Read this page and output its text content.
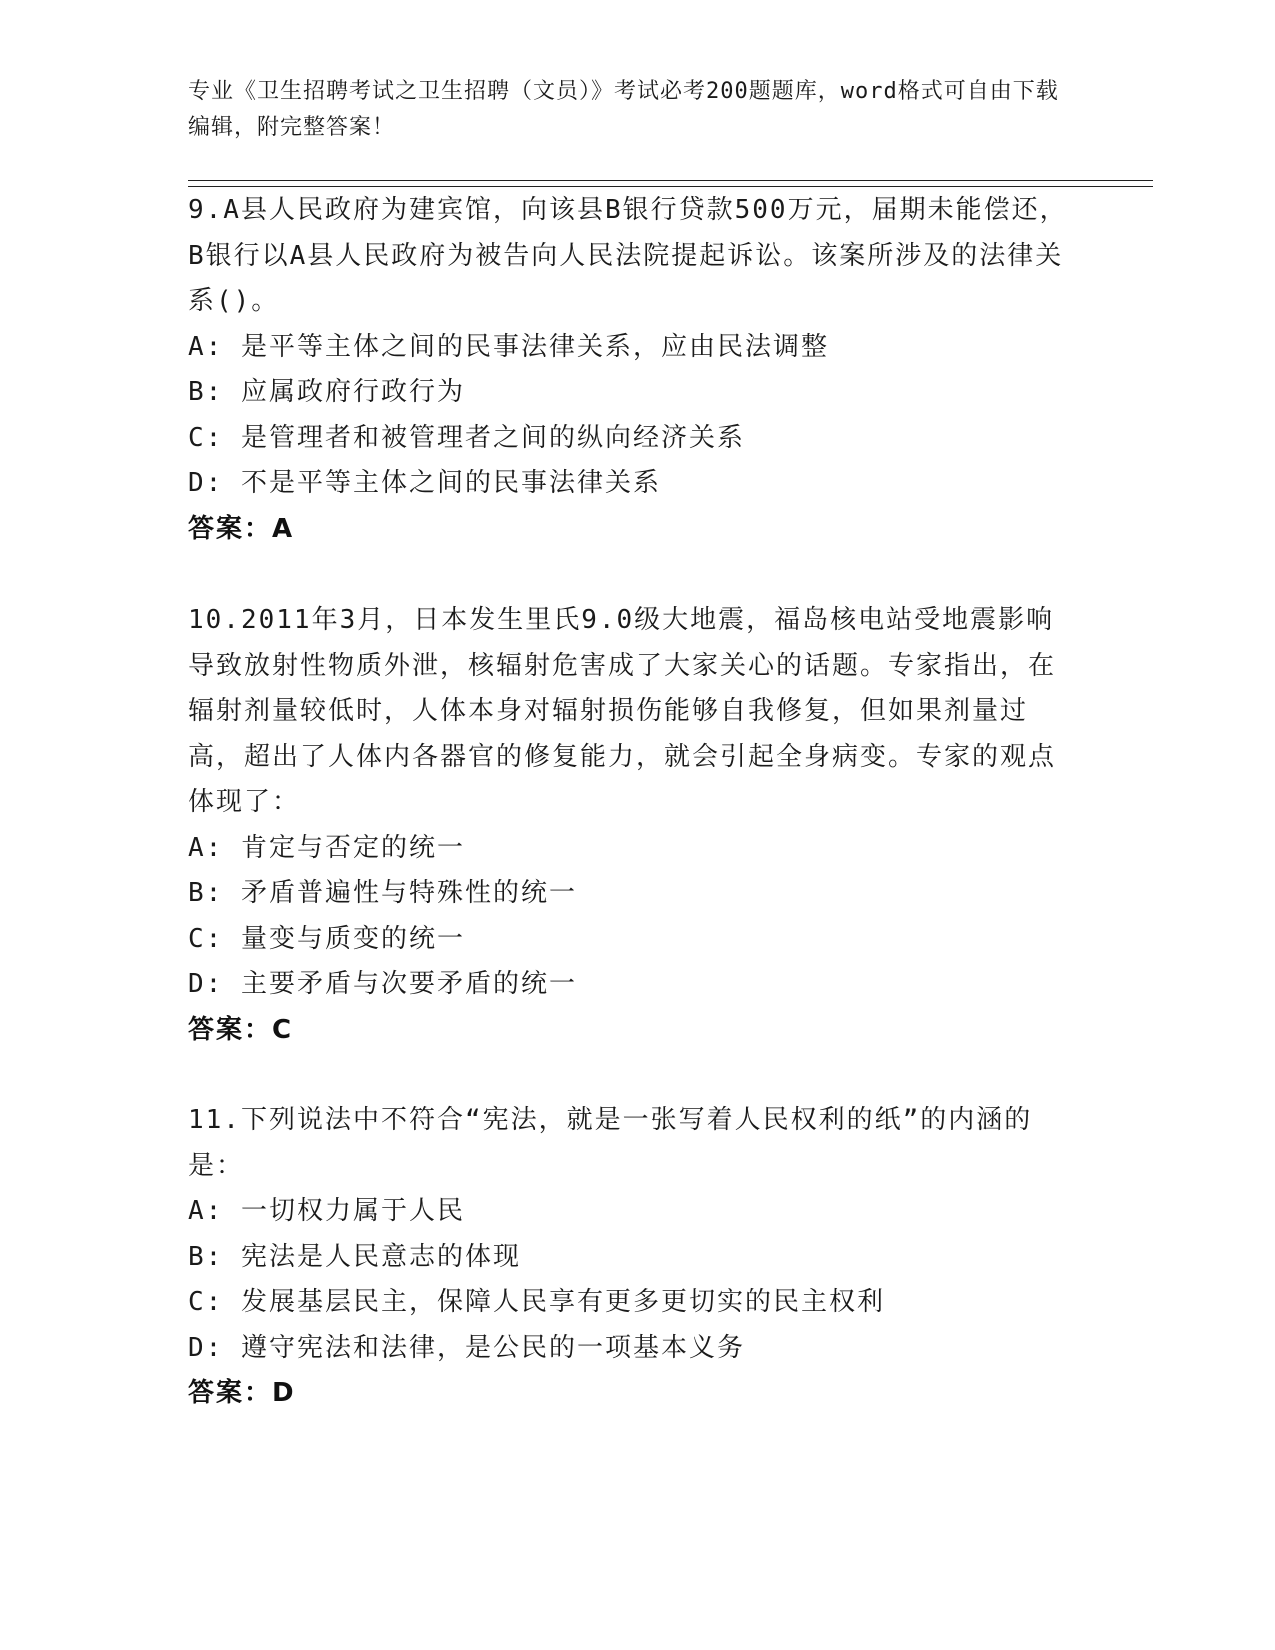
专业《卫生招聘考试之卫生招聘（文员）》考试必考200题题库，word格式可自由下载编辑，附完整答案！

9.A县人民政府为建宾馆，向该县B银行贷款500万元，届期未能偿还，B银行以A县人民政府为被告向人民法院提起诉讼。该案所涉及的法律关系()。

A: 是平等主体之间的民事法律关系，应由民法调整

B: 应属政府行政行为

C: 是管理者和被管理者之间的纵向经济关系

D: 不是平等主体之间的民事法律关系

答案：A

10.2011年3月，日本发生里氏9.0级大地震，福岛核电站受地震影响导致放射性物质外泄，核辐射危害成了大家关心的话题。专家指出，在辐射剂量较低时，人体本身对辐射损伤能够自我修复，但如果剂量过高，超出了人体内各器官的修复能力，就会引起全身病变。专家的观点体现了：

A: 肯定与否定的统一

B: 矛盾普遍性与特殊性的统一

C: 量变与质变的统一

D: 主要矛盾与次要矛盾的统一

答案：C

11.下列说法中不符合“宪法，就是一张写着人民权利的纸”的内涵的是：

A: 一切权力属于人民

B: 宪法是人民意志的体现

C: 发展基层民主，保障人民享有更多更切实的民主权利

D: 遵守宪法和法律，是公民的一项基本义务

答案：D
